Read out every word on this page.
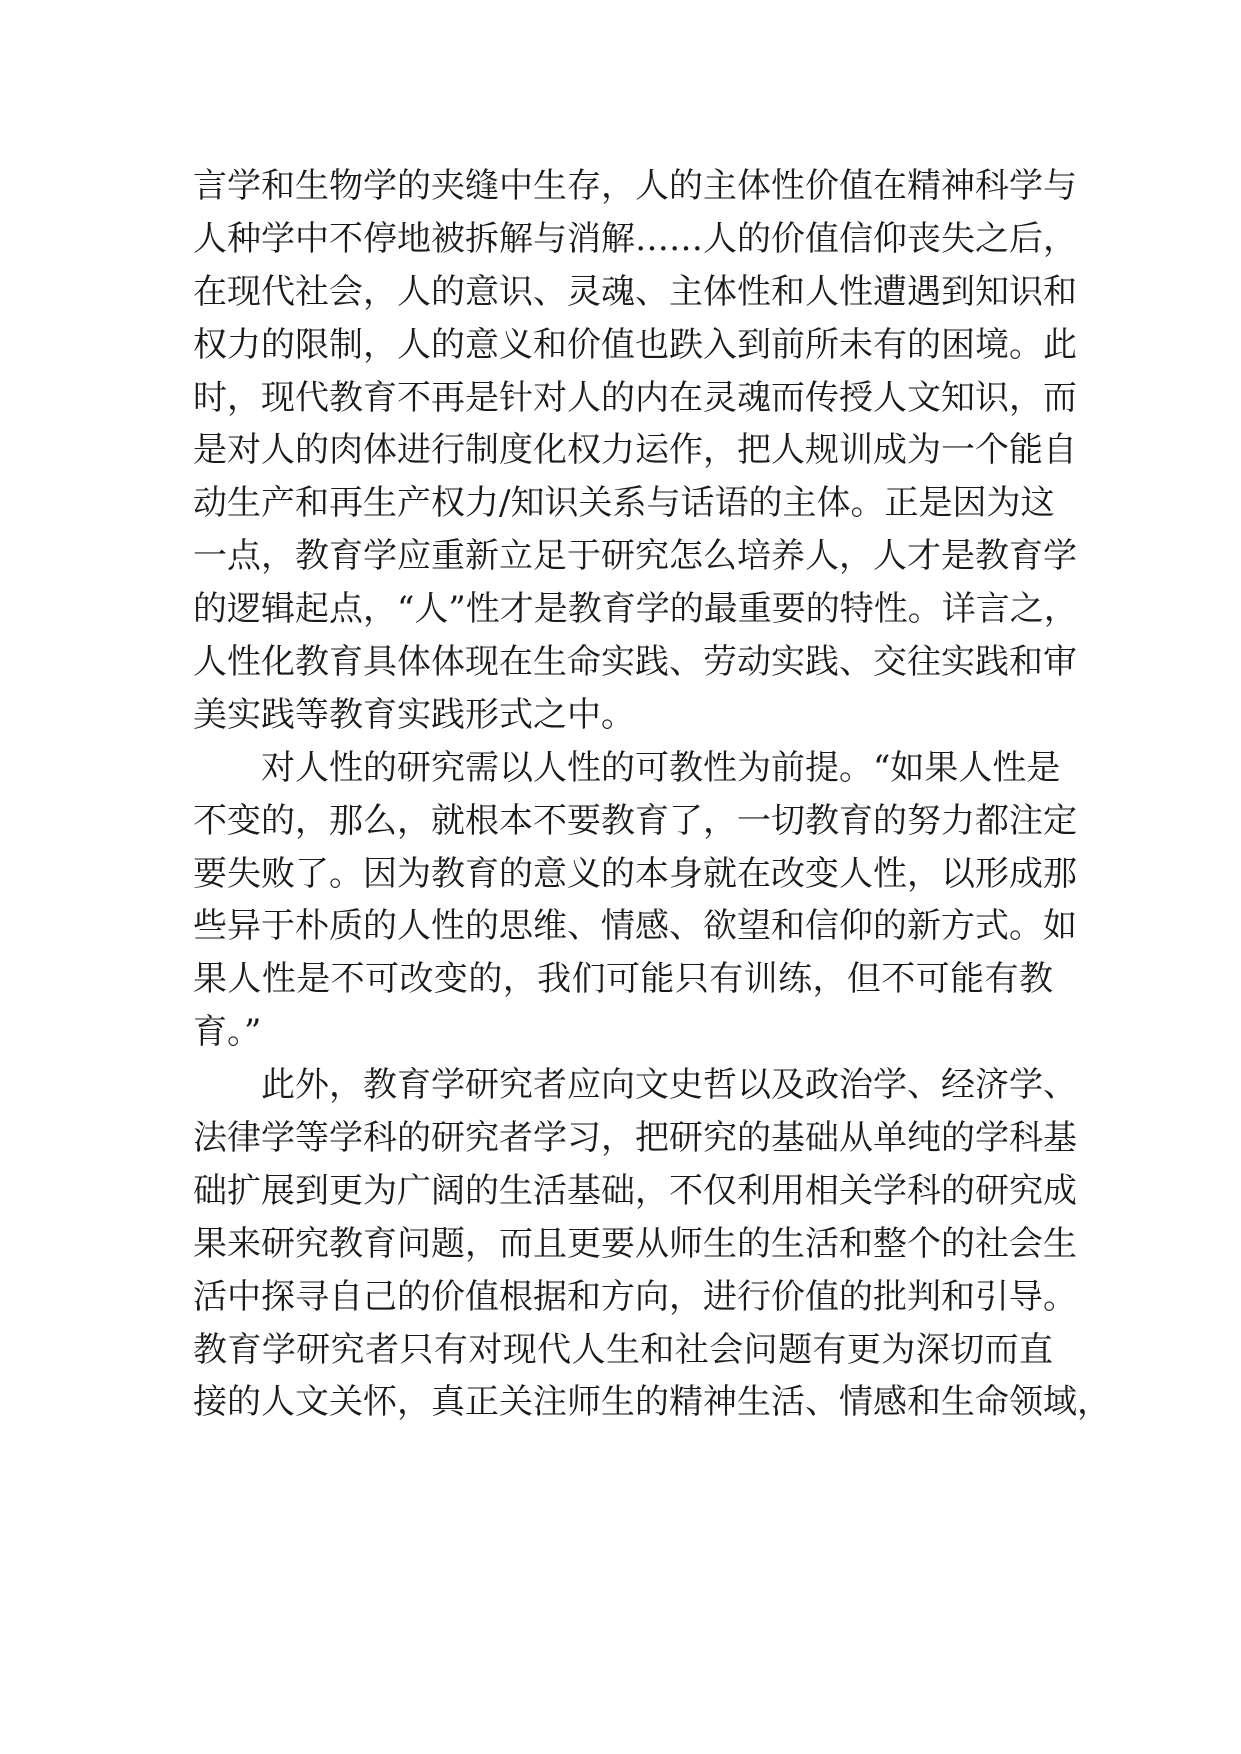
言学和生物学的夹缝中生存，人的主体性价值在精神科学与
人种学中不停地被拆解与消解……人的价值信仰丧失之后，
在现代社会，人的意识、灵魂、主体性和人性遭遇到知识和
权力的限制，人的意义和价值也跌入到前所未有的困境。此
时，现代教育不再是针对人的内在灵魂而传授人文知识，而
是对人的肉体进行制度化权力运作，把人规训成为一个能自
动生产和再生产权力/知识关系与话语的主体。正是因为这
一点，教育学应重新立足于研究怎么培养人，人才是教育学
的逻辑起点，“人”性才是教育学的最重要的特性。详言之，
人性化教育具体体现在生命实践、劳动实践、交往实践和审
美实践等教育实践形式之中。
对人性的研究需以人性的可教性为前提。“如果人性是
不变的，那么，就根本不要教育了，一切教育的努力都注定
要失败了。因为教育的意义的本身就在改变人性，以形成那
些异于朴质的人性的思维、情感、欲望和信仰的新方式。如
果人性是不可改变的，我们可能只有训练，但不可能有教
育。”
此外，教育学研究者应向文史哲以及政治学、经济学、
法律学等学科的研究者学习，把研究的基础从单纯的学科基
础扩展到更为广阔的生活基础，不仅利用相关学科的研究成
果来研究教育问题，而且更要从师生的生活和整个的社会生
活中探寻自己的价值根据和方向，进行价值的批判和引导。
教育学研究者只有对现代人生和社会问题有更为深切而直
接的人文关怀，真正关注师生的精神生活、情感和生命领域，
